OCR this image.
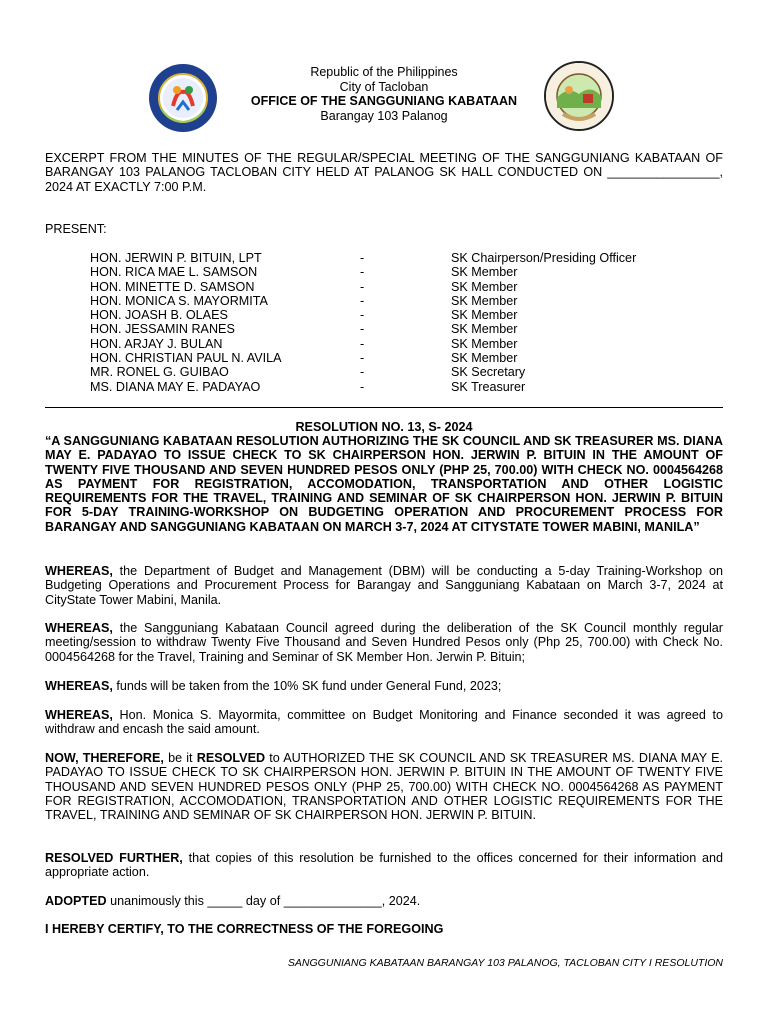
Republic of the Philippines
City of Tacloban
OFFICE OF THE SANGGUNIANG KABATAAN
Barangay 103 Palanog
EXCERPT FROM THE MINUTES OF THE REGULAR/SPECIAL MEETING OF THE SANGGUNIANG KABATAAN OF BARANGAY 103 PALANOG TACLOBAN CITY HELD AT PALANOG SK HALL CONDUCTED ON ________________, 2024 AT EXACTLY 7:00 P.M.
PRESENT:
HON. JERWIN P. BITUIN, LPT	-	SK Chairperson/Presiding Officer
HON. RICA MAE L. SAMSON	-	SK Member
HON. MINETTE D. SAMSON	-	SK Member
HON. MONICA S. MAYORMITA	-	SK Member
HON. JOASH B. OLAES	-	SK Member
HON. JESSAMIN RANES	-	SK Member
HON. ARJAY J. BULAN	-	SK Member
HON. CHRISTIAN PAUL N. AVILA	-	SK Member
MR. RONEL G. GUIBAO	-	SK Secretary
MS. DIANA MAY E. PADAYAO	-	SK Treasurer
RESOLUTION NO. 13, S- 2024
“A SANGGUNIANG KABATAAN RESOLUTION AUTHORIZING THE SK COUNCIL AND SK TREASURER MS. DIANA MAY E. PADAYAO TO ISSUE CHECK TO SK CHAIRPERSON HON. JERWIN P. BITUIN IN THE AMOUNT OF TWENTY FIVE THOUSAND AND SEVEN HUNDRED PESOS ONLY (PHP 25, 700.00) WITH CHECK NO. 0004564268 AS PAYMENT FOR REGISTRATION, ACCOMODATION, TRANSPORTATION AND OTHER LOGISTIC REQUIREMENTS FOR THE TRAVEL, TRAINING AND SEMINAR OF SK CHAIRPERSON HON. JERWIN P. BITUIN FOR 5-DAY TRAINING-WORKSHOP ON BUDGETING OPERATION AND PROCUREMENT PROCESS FOR BARANGAY AND SANGGUNIANG KABATAAN ON MARCH 3-7, 2024 AT CITYSTATE TOWER MABINI, MANILA”
WHEREAS, the Department of Budget and Management (DBM) will be conducting a 5-day Training-Workshop on Budgeting Operations and Procurement Process for Barangay and Sangguniang Kabataan on March 3-7, 2024 at CityState Tower Mabini, Manila.
WHEREAS, the Sangguniang Kabataan Council agreed during the deliberation of the SK Council monthly regular meeting/session to withdraw Twenty Five Thousand and Seven Hundred Pesos only (Php 25, 700.00) with Check No. 0004564268 for the Travel, Training and Seminar of SK Member Hon. Jerwin P. Bituin;
WHEREAS, funds will be taken from the 10% SK fund under General Fund, 2023;
WHEREAS, Hon. Monica S. Mayormita, committee on Budget Monitoring and Finance seconded it was agreed to withdraw and encash the said amount.
NOW, THEREFORE, be it RESOLVED to AUTHORIZED THE SK COUNCIL AND SK TREASURER MS. DIANA MAY E. PADAYAO TO ISSUE CHECK TO SK CHAIRPERSON HON. JERWIN P. BITUIN IN THE AMOUNT OF TWENTY FIVE THOUSAND AND SEVEN HUNDRED PESOS ONLY (PHP 25, 700.00) WITH CHECK NO. 0004564268 AS PAYMENT FOR REGISTRATION, ACCOMODATION, TRANSPORTATION AND OTHER LOGISTIC REQUIREMENTS FOR THE TRAVEL, TRAINING AND SEMINAR OF SK CHAIRPERSON HON. JERWIN P. BITUIN.
RESOLVED FURTHER, that copies of this resolution be furnished to the offices concerned for their information and appropriate action.
ADOPTED unanimously this _____ day of ______________, 2024.
I HEREBY CERTIFY, TO THE CORRECTNESS OF THE FOREGOING
SANGGUNIANG KABATAAN BARANGAY 103 PALANOG, TACLOBAN CITY I RESOLUTION
